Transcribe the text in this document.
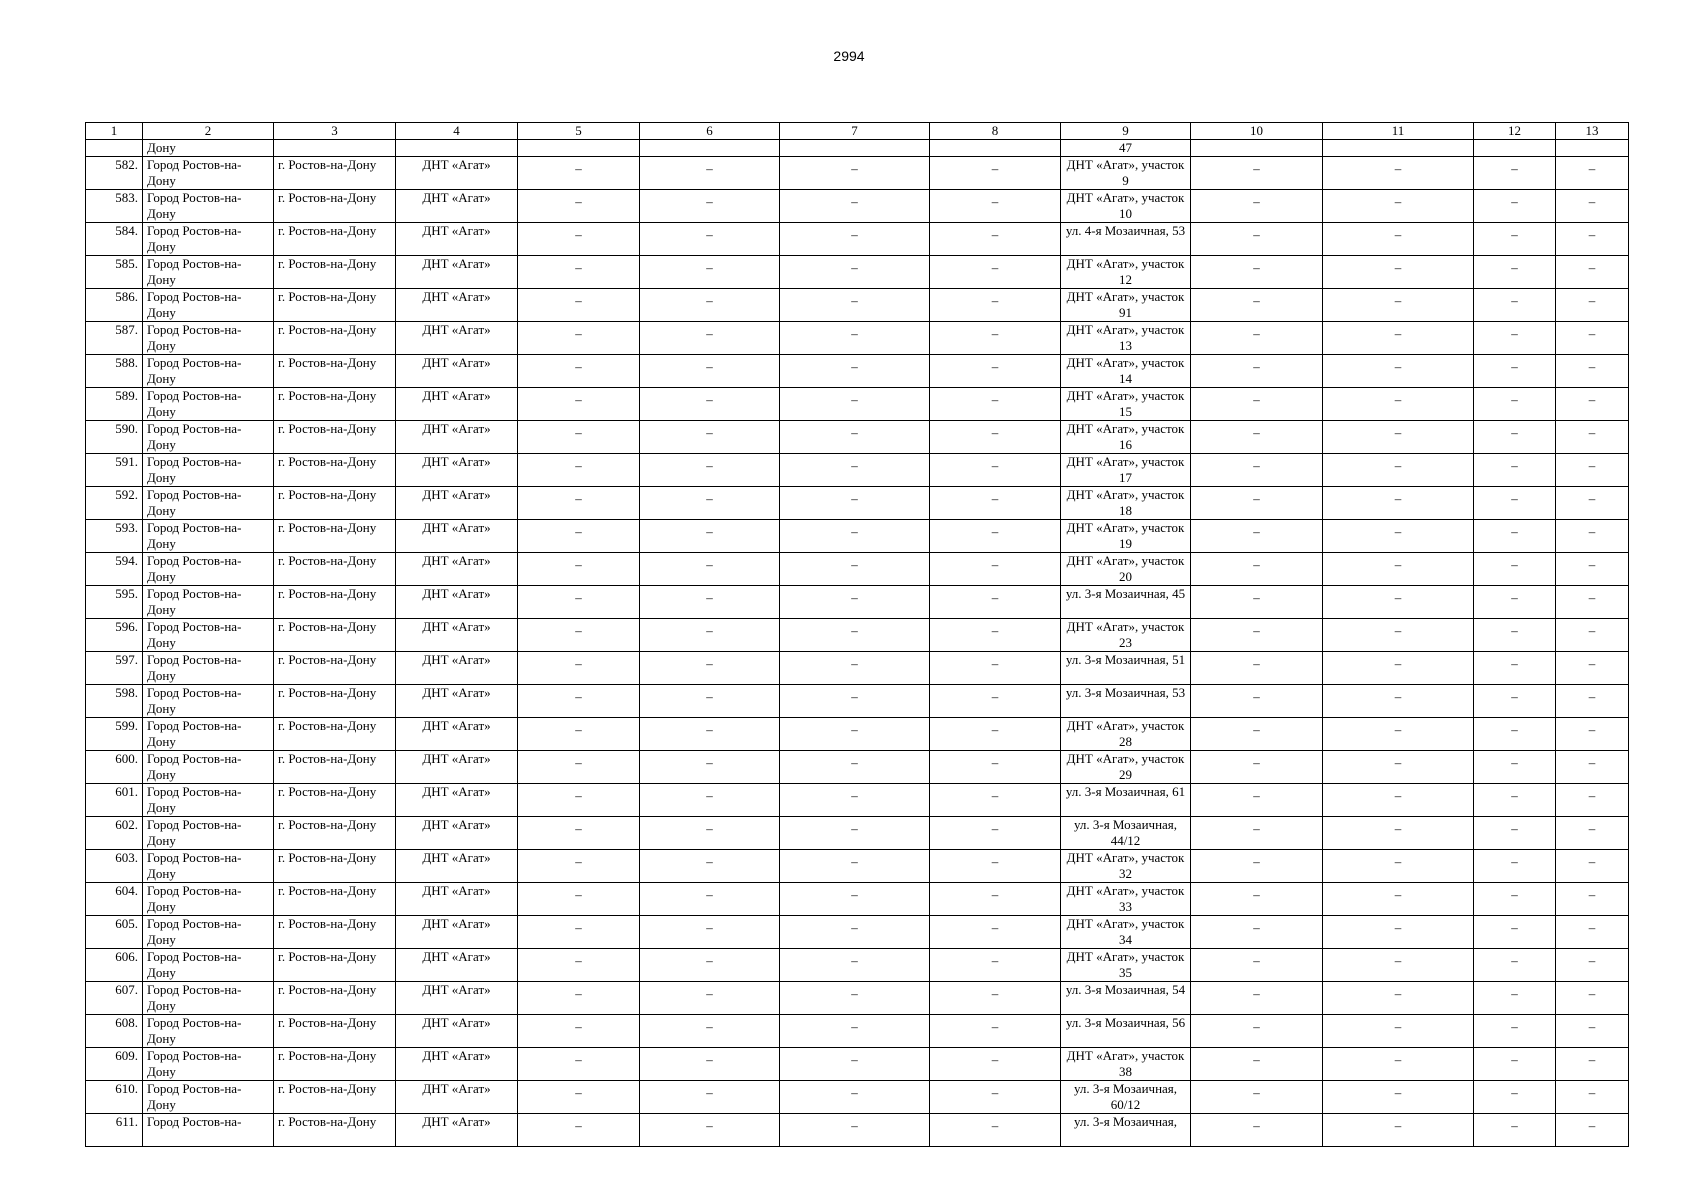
2994
1	2	3	4	5	6	7	8	9	10	11	12	13
	Дону							47				
582.	Город Ростов-на-Дону	г. Ростов-на-Дону	ДНТ «Агат»	–	–	–	–	ДНТ «Агат», участок 9	–	–	–	–
583.	Город Ростов-на-Дону	г. Ростов-на-Дону	ДНТ «Агат»	–	–	–	–	ДНТ «Агат», участок 10	–	–	–	–
584.	Город Ростов-на-Дону	г. Ростов-на-Дону	ДНТ «Агат»	–	–	–	–	ул. 4-я Мозаичная, 53	–	–	–	–
585.	Город Ростов-на-Дону	г. Ростов-на-Дону	ДНТ «Агат»	–	–	–	–	ДНТ «Агат», участок 12	–	–	–	–
586.	Город Ростов-на-Дону	г. Ростов-на-Дону	ДНТ «Агат»	–	–	–	–	ДНТ «Агат», участок 91	–	–	–	–
587.	Город Ростов-на-Дону	г. Ростов-на-Дону	ДНТ «Агат»	–	–	–	–	ДНТ «Агат», участок 13	–	–	–	–
588.	Город Ростов-на-Дону	г. Ростов-на-Дону	ДНТ «Агат»	–	–	–	–	ДНТ «Агат», участок 14	–	–	–	–
589.	Город Ростов-на-Дону	г. Ростов-на-Дону	ДНТ «Агат»	–	–	–	–	ДНТ «Агат», участок 15	–	–	–	–
590.	Город Ростов-на-Дону	г. Ростов-на-Дону	ДНТ «Агат»	–	–	–	–	ДНТ «Агат», участок 16	–	–	–	–
591.	Город Ростов-на-Дону	г. Ростов-на-Дону	ДНТ «Агат»	–	–	–	–	ДНТ «Агат», участок 17	–	–	–	–
592.	Город Ростов-на-Дону	г. Ростов-на-Дону	ДНТ «Агат»	–	–	–	–	ДНТ «Агат», участок 18	–	–	–	–
593.	Город Ростов-на-Дону	г. Ростов-на-Дону	ДНТ «Агат»	–	–	–	–	ДНТ «Агат», участок 19	–	–	–	–
594.	Город Ростов-на-Дону	г. Ростов-на-Дону	ДНТ «Агат»	–	–	–	–	ДНТ «Агат», участок 20	–	–	–	–
595.	Город Ростов-на-Дону	г. Ростов-на-Дону	ДНТ «Агат»	–	–	–	–	ул. 3-я Мозаичная, 45	–	–	–	–
596.	Город Ростов-на-Дону	г. Ростов-на-Дону	ДНТ «Агат»	–	–	–	–	ДНТ «Агат», участок 23	–	–	–	–
597.	Город Ростов-на-Дону	г. Ростов-на-Дону	ДНТ «Агат»	–	–	–	–	ул. 3-я Мозаичная, 51	–	–	–	–
598.	Город Ростов-на-Дону	г. Ростов-на-Дону	ДНТ «Агат»	–	–	–	–	ул. 3-я Мозаичная, 53	–	–	–	–
599.	Город Ростов-на-Дону	г. Ростов-на-Дону	ДНТ «Агат»	–	–	–	–	ДНТ «Агат», участок 28	–	–	–	–
600.	Город Ростов-на-Дону	г. Ростов-на-Дону	ДНТ «Агат»	–	–	–	–	ДНТ «Агат», участок 29	–	–	–	–
601.	Город Ростов-на-Дону	г. Ростов-на-Дону	ДНТ «Агат»	–	–	–	–	ул. 3-я Мозаичная, 61	–	–	–	–
602.	Город Ростов-на-Дону	г. Ростов-на-Дону	ДНТ «Агат»	–	–	–	–	ул. 3-я Мозаичная, 44/12	–	–	–	–
603.	Город Ростов-на-Дону	г. Ростов-на-Дону	ДНТ «Агат»	–	–	–	–	ДНТ «Агат», участок 32	–	–	–	–
604.	Город Ростов-на-Дону	г. Ростов-на-Дону	ДНТ «Агат»	–	–	–	–	ДНТ «Агат», участок 33	–	–	–	–
605.	Город Ростов-на-Дону	г. Ростов-на-Дону	ДНТ «Агат»	–	–	–	–	ДНТ «Агат», участок 34	–	–	–	–
606.	Город Ростов-на-Дону	г. Ростов-на-Дону	ДНТ «Агат»	–	–	–	–	ДНТ «Агат», участок 35	–	–	–	–
607.	Город Ростов-на-Дону	г. Ростов-на-Дону	ДНТ «Агат»	–	–	–	–	ул. 3-я Мозаичная, 54	–	–	–	–
608.	Город Ростов-на-Дону	г. Ростов-на-Дону	ДНТ «Агат»	–	–	–	–	ул. 3-я Мозаичная, 56	–	–	–	–
609.	Город Ростов-на-Дону	г. Ростов-на-Дону	ДНТ «Агат»	–	–	–	–	ДНТ «Агат», участок 38	–	–	–	–
610.	Город Ростов-на-Дону	г. Ростов-на-Дону	ДНТ «Агат»	–	–	–	–	ул. 3-я Мозаичная, 60/12	–	–	–	–
611.	Город Ростов-на-	г. Ростов-на-Дону	ДНТ «Агат»	–	–	–	–	ул. 3-я Мозаичная,	–	–	–	–
